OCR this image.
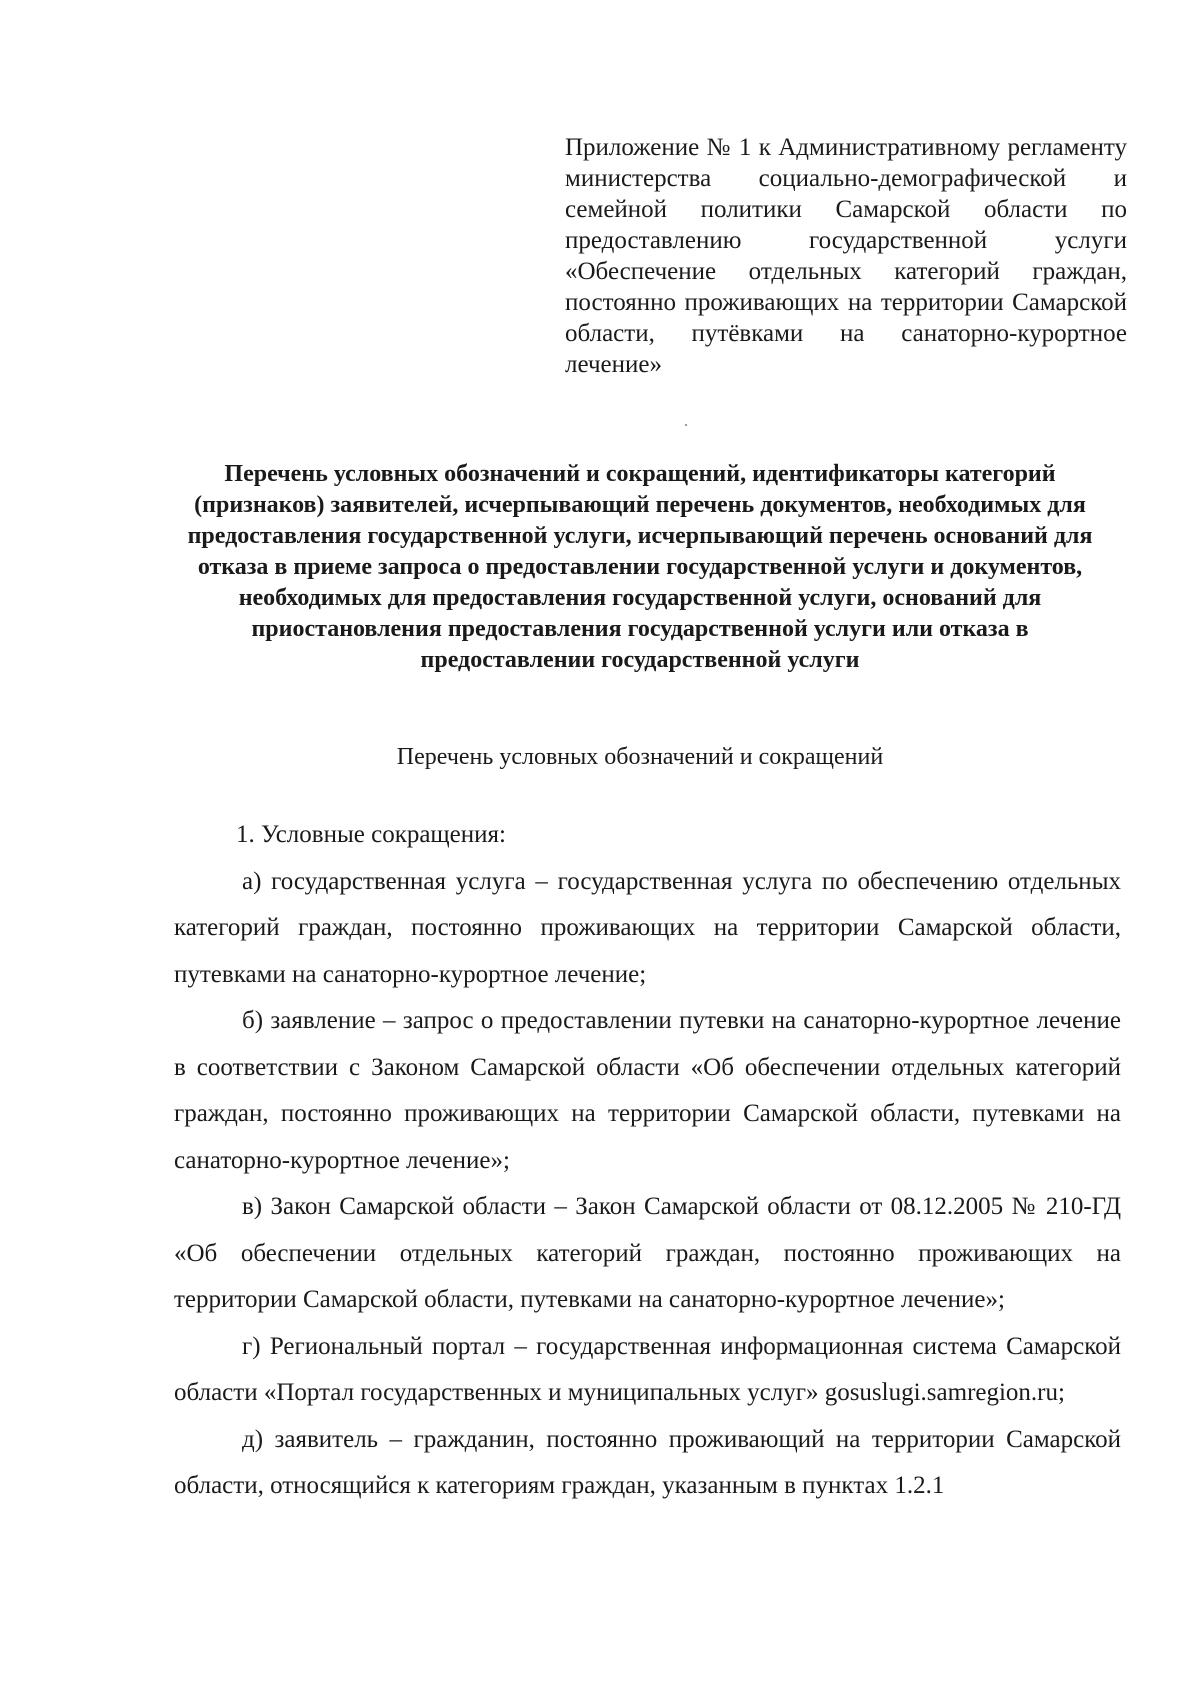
Приложение № 1 к Административному регламенту министерства социально-демографической и семейной политики Самарской области по предоставлению государственной услуги «Обеспечение отдельных категорий граждан, постоянно проживающих на территории Самарской области, путёвками на санаторно-курортное лечение»
Перечень условных обозначений и сокращений, идентификаторы категорий (признаков) заявителей, исчерпывающий перечень документов, необходимых для предоставления государственной услуги, исчерпывающий перечень оснований для отказа в приеме запроса о предоставлении государственной услуги и документов, необходимых для предоставления государственной услуги, оснований для приостановления предоставления государственной услуги или отказа в предоставлении государственной услуги
Перечень условных обозначений и сокращений

1. Условные сокращения:

а) государственная услуга – государственная услуга по обеспечению отдельных категорий граждан, постоянно проживающих на территории Самарской области, путевками на санаторно-курортное лечение;

б) заявление – запрос о предоставлении путевки на санаторно-курортное лечение в соответствии с Законом Самарской области «Об обеспечении отдельных категорий граждан, постоянно проживающих на территории Самарской области, путевками на санаторно-курортное лечение»;

в) Закон Самарской области – Закон Самарской области от 08.12.2005 № 210-ГД «Об обеспечении отдельных категорий граждан, постоянно проживающих на территории Самарской области, путевками на санаторно-курортное лечение»;

г) Региональный портал – государственная информационная система Самарской области «Портал государственных и муниципальных услуг» gosuslugi.samregion.ru;

д) заявитель – гражданин, постоянно проживающий на территории Самарской области, относящийся к категориям граждан, указанным в пунктах 1.2.1
